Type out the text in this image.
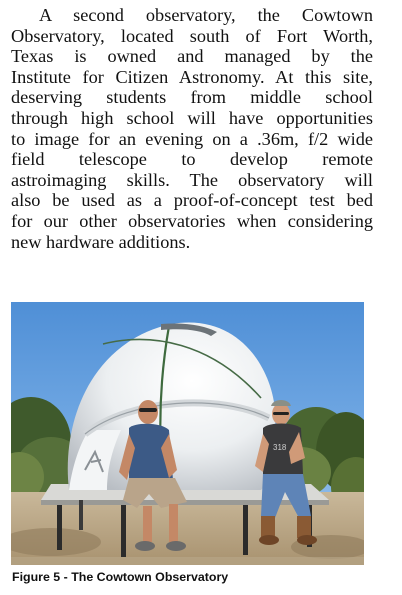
A second observatory, the Cowtown
Observatory, located south of Fort Worth,
Texas is owned and managed by the
Institute for Citizen Astronomy. At this site,
deserving students from middle school
through high school will have opportunities
to image for an evening on a .36m, f/2 wide
field telescope to develop remote
astroimaging skills. The observatory will
also be used as a proof-of-concept test bed
for our other observatories when considering
new hardware additions.
318
Figure 5 - The Cowtown Observatory
